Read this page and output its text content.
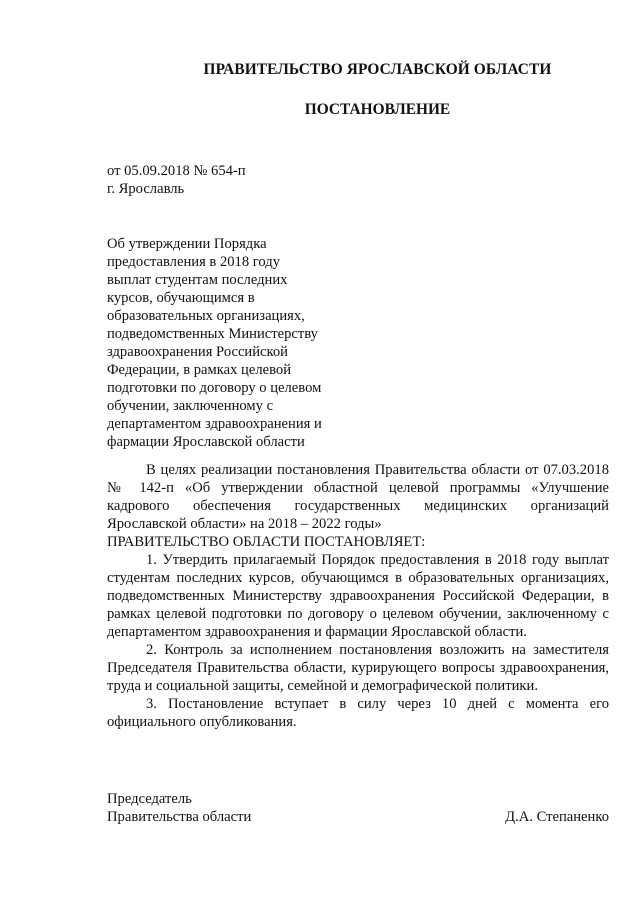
ПРАВИТЕЛЬСТВО ЯРОСЛАВСКОЙ ОБЛАСТИ
ПОСТАНОВЛЕНИЕ
от 05.09.2018 № 654-п
г. Ярославль
Об утверждении Порядка
предоставления в 2018 году
выплат студентам последних
курсов, обучающимся в
образовательных организациях,
подведомственных Министерству
здравоохранения Российской
Федерации, в рамках целевой
подготовки по договору о целевом
обучении, заключенному с
департаментом здравоохранения и
фармации Ярославской области

В целях реализации постановления Правительства области от 07.03.2018 № 142-п «Об утверждении областной целевой программы «Улучшение кадрового обеспечения государственных медицинских организаций Ярославской области» на 2018 – 2022 годы»

ПРАВИТЕЛЬСТВО ОБЛАСТИ ПОСТАНОВЛЯЕТ:

1. Утвердить прилагаемый Порядок предоставления в 2018 году выплат студентам последних курсов, обучающимся в образовательных организациях, подведомственных Министерству здравоохранения Российской Федерации, в рамках целевой подготовки по договору о целевом обучении, заключенному с департаментом здравоохранения и фармации Ярославской области.

2. Контроль за исполнением постановления возложить на заместителя Председателя Правительства области, курирующего вопросы здравоохранения, труда и социальной защиты, семейной и демографической политики.

3. Постановление вступает в силу через 10 дней с момента его официального опубликования.

Председатель
Правительства области	Д.А. Степаненко
